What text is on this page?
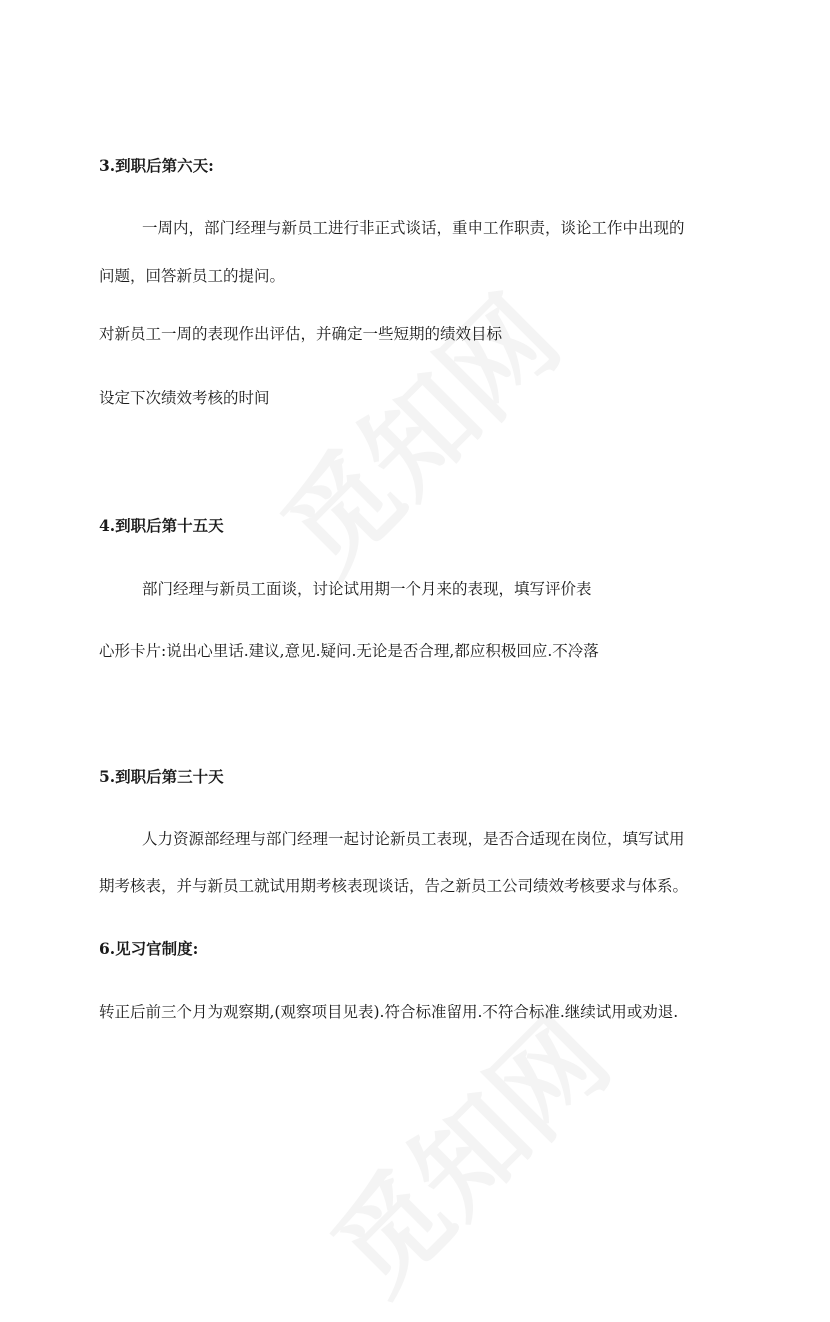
3.到职后第六天:
一周内，部门经理与新员工进行非正式谈话，重申工作职责，谈论工作中出现的
问题，回答新员工的提问。
对新员工一周的表现作出评估，并确定一些短期的绩效目标
设定下次绩效考核的时间
4.到职后第十五天
部门经理与新员工面谈，讨论试用期一个月来的表现，填写评价表
心形卡片:说出心里话.建议,意见.疑问.无论是否合理,都应积极回应.不冷落
5.到职后第三十天
人力资源部经理与部门经理一起讨论新员工表现，是否合适现在岗位，填写试用
期考核表，并与新员工就试用期考核表现谈话，告之新员工公司绩效考核要求与体系。
6.见习官制度:
转正后前三个月为观察期,(观察项目见表).符合标准留用.不符合标准.继续试用或劝退.
